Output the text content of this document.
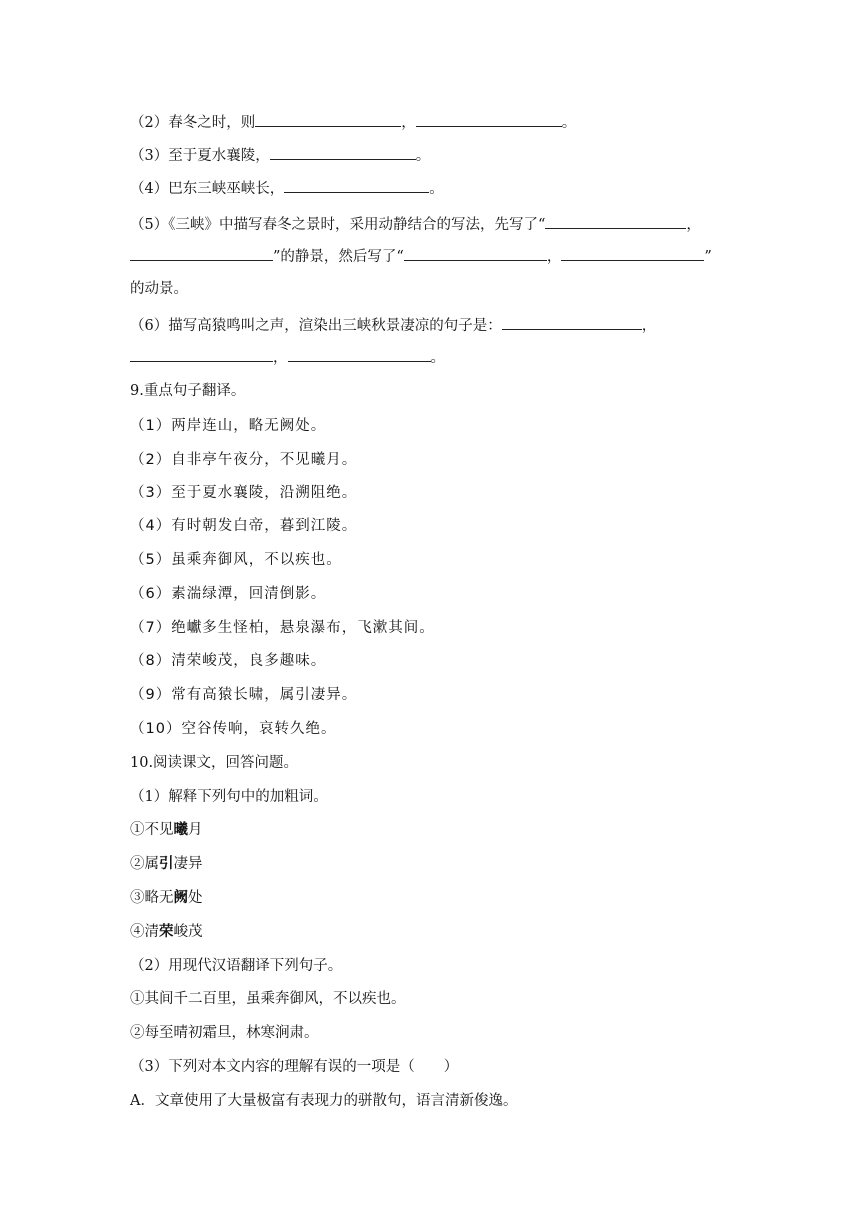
（2）春冬之时，则	，	。
（3）至于夏水襄陵，	。
（4）巴东三峡巫峡长，	。
（5）《三峡》中描写春冬之景时，采用动静结合的写法，先写了“	，
”的静景，然后写了“	，	”
的动景。
（6）描写高猿鸣叫之声，渲染出三峡秋景凄凉的句子是：	，
，	。
9.重点句子翻译。
（1）两岸连山，略无阙处。
（2）自非亭午夜分，不见曦月。
（3）至于夏水襄陵，沿溯阻绝。
（4）有时朝发白帝，暮到江陵。
（5）虽乘奔御风，不以疾也。
（6）素湍绿潭，回清倒影。
（7）绝巘多生怪柏，悬泉瀑布，飞漱其间。
（8）清荣峻茂，良多趣味。
（9）常有高猿长啸，属引凄异。
（10）空谷传响，哀转久绝。
10.阅读课文，回答问题。
（1）解释下列句中的加粗词。
①不见曦月
②属引凄异
③略无阙处
④清荣峻茂
（2）用现代汉语翻译下列句子。
①其间千二百里，虽乘奔御风，不以疾也。
②每至晴初霜旦，林寒涧肃。
（3）下列对本文内容的理解有误的一项是（　　）
A．文章使用了大量极富有表现力的骈散句，语言清新俊逸。
